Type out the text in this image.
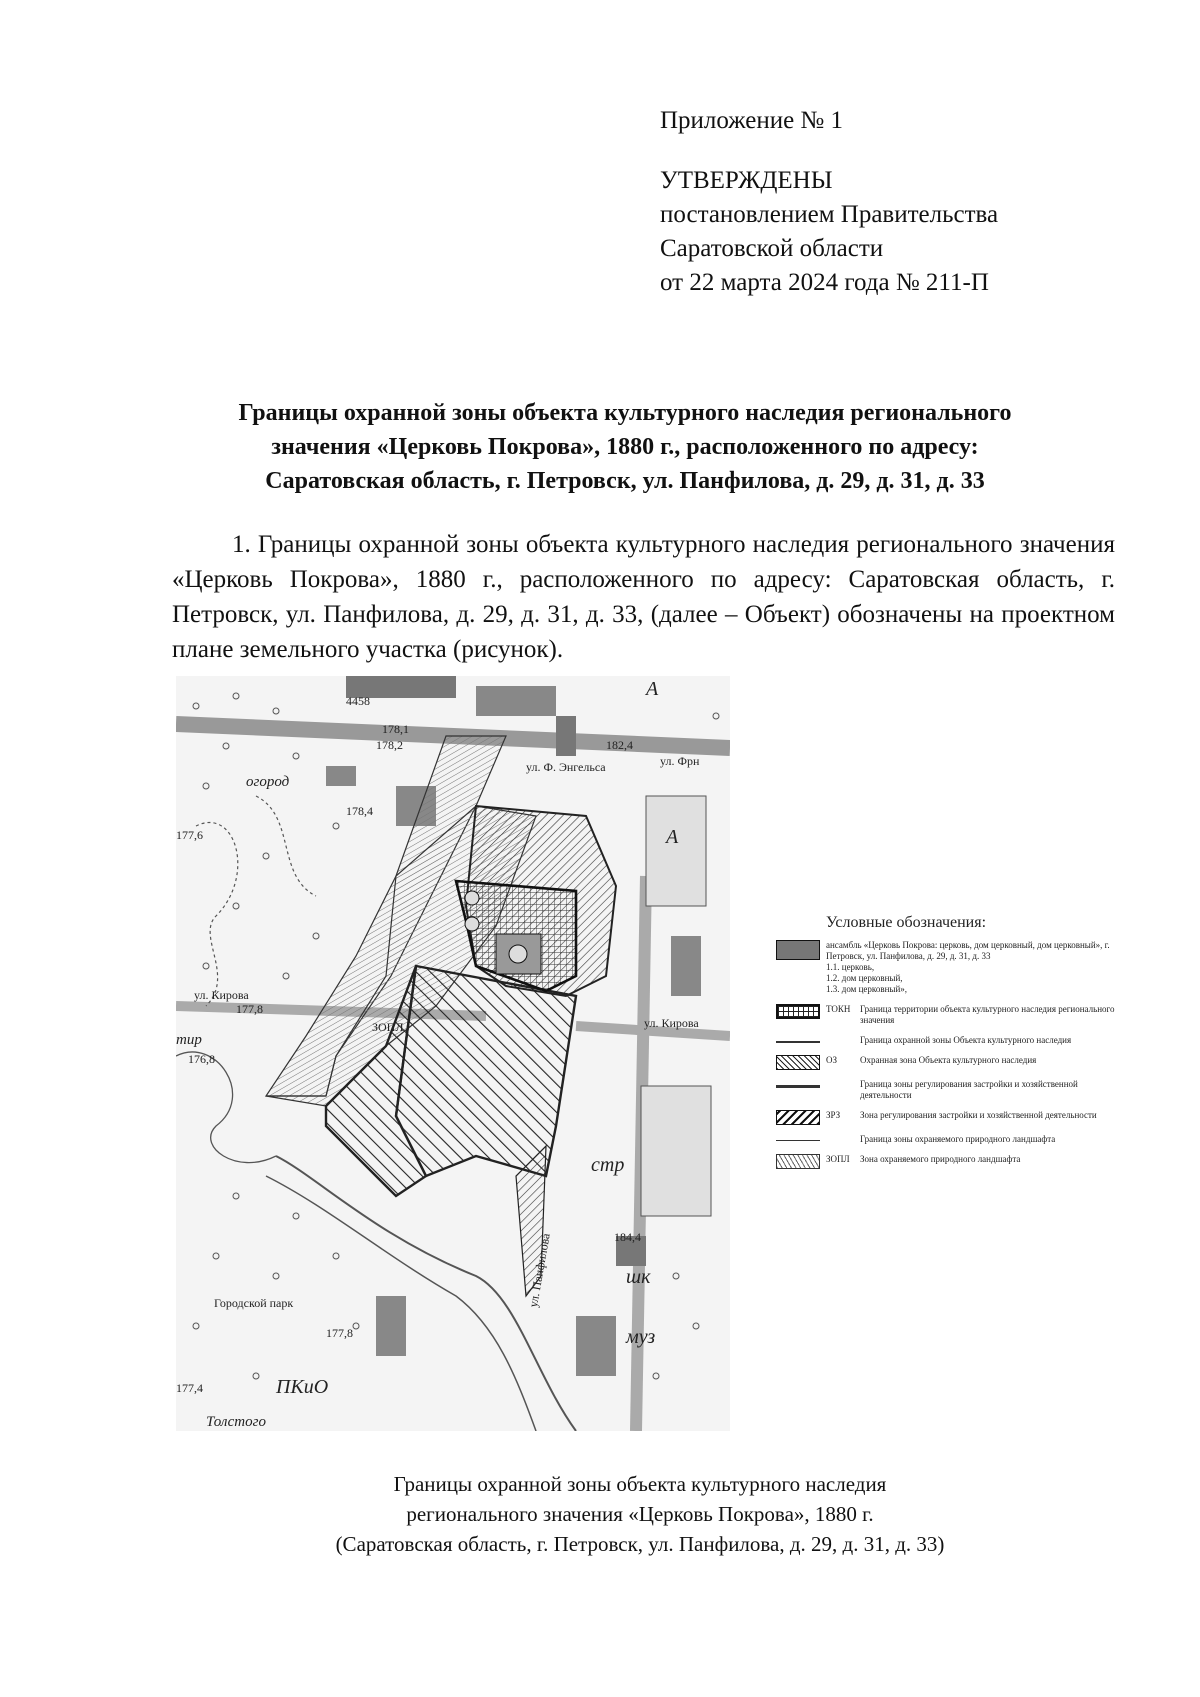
Приложение № 1
УТВЕРЖДЕНЫ
постановлением Правительства
Саратовской области
от 22 марта 2024 года № 211-П
Границы охранной зоны объекта культурного наследия регионального
значения «Церковь Покрова», 1880 г., расположенного по адресу:
Саратовская область, г. Петровск, ул. Панфилова, д. 29, д. 31, д. 33
1. Границы охранной зоны объекта культурного наследия регионального значения «Церковь Покрова», 1880 г., расположенного по адресу: Саратовская область, г. Петровск, ул. Панфилова, д. 29, д. 31, д. 33, (далее – Объект) обозначены на проектном плане земельного участка (рисунок).
4458
178,1
178,2	182,4
огород
178,4
177,6
ул. Ф. Энгельса	ул. Фрн
ул. Кирова
177,8
ЗОПЛ
тир
176,8
ул. Кирова
стр
184,4
шк
Городской парк
177,8
ул. Панфилова
муз
177,4	ПКиО
Толстого
А
А
Условные обозначения:
ансамбль «Церковь Покрова: церковь, дом церковный, дом церковный», г. Петровск, ул. Панфилова, д. 29, д. 31, д. 33
1.1. церковь,
1.2. дом церковный,
1.3. дом церковный»,
ТОКН	Граница территории объекта культурного наследия регионального значения
Граница охранной зоны Объекта культурного наследия
ОЗ	Охранная зона Объекта культурного наследия
Граница зоны регулирования застройки и хозяйственной деятельности
ЗРЗ	Зона регулирования застройки и хозяйственной деятельности
Граница зоны охраняемого природного ландшафта
ЗОПЛ	Зона охраняемого природного ландшафта
Границы охранной зоны объекта культурного наследия
регионального значения «Церковь Покрова», 1880 г.
(Саратовская область, г. Петровск, ул. Панфилова, д. 29, д. 31, д. 33)
